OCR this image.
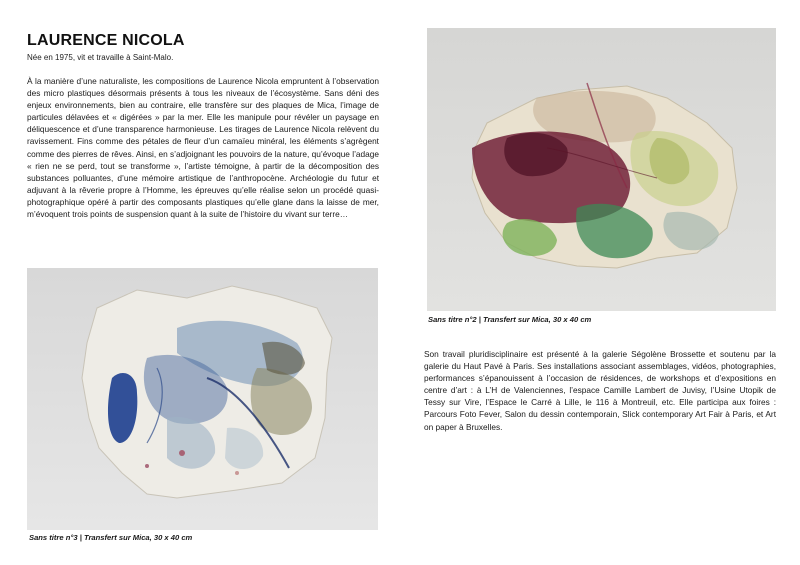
LAURENCE NICOLA
Née en 1975, vit et travaille à Saint-Malo.

À la manière d’une naturaliste, les compositions de Laurence Nicola empruntent à l’observation des micro plastiques désormais présents à tous les niveaux de l’écosystème. Sans déni des enjeux environnements, bien au contraire, elle transfère sur des plaques de Mica, l’image de particules délavées et « digérées » par la mer. Elle les manipule pour révéler un paysage en déliquescence et d’une transparence harmonieuse. Les tirages de Laurence Nicola relèvent du ravissement. Fins comme des pétales de fleur d’un camaïeu minéral, les éléments s’agrègent comme des pierres de rêves. Ainsi, en s’adjoignant les pouvoirs de la nature, qu’évoque l’adage « rien ne se perd, tout se transforme », l’artiste témoigne, à partir de la décomposition des substances polluantes, d’une mémoire artistique de l’anthropocène. Archéologie du futur et adjuvant à la rêverie propre à l’Homme, les épreuves qu’elle réalise selon un procédé quasi-photographique opéré à partir des composants plastiques qu’elle glane dans la laisse de mer, m’évoquent trois points de suspension quant à la suite de l’histoire du vivant sur terre…

Sans titre n°3 | Transfert sur Mica, 30 x 40 cm
Sans titre n°2 | Transfert sur Mica, 30 x 40 cm

Son travail pluridisciplinaire est présenté à la galerie Ségolène Brossette et soutenu par la galerie du Haut Pavé à Paris. Ses installations associant assemblages, vidéos, photographies, performances s’épanouissent à l’occasion de résidences, de workshops et d’expositions en centre d’art : à L’H de Valenciennes, l’espace Camille Lambert de Juvisy, l’Usine Utopik de Tessy sur Vire, l’Espace le Carré à Lille, le 116 à Montreuil, etc. Elle participa aux foires : Parcours Foto Fever, Salon du dessin contemporain, Slick contemporary Art Fair à Paris, et Art on paper à Bruxelles.
